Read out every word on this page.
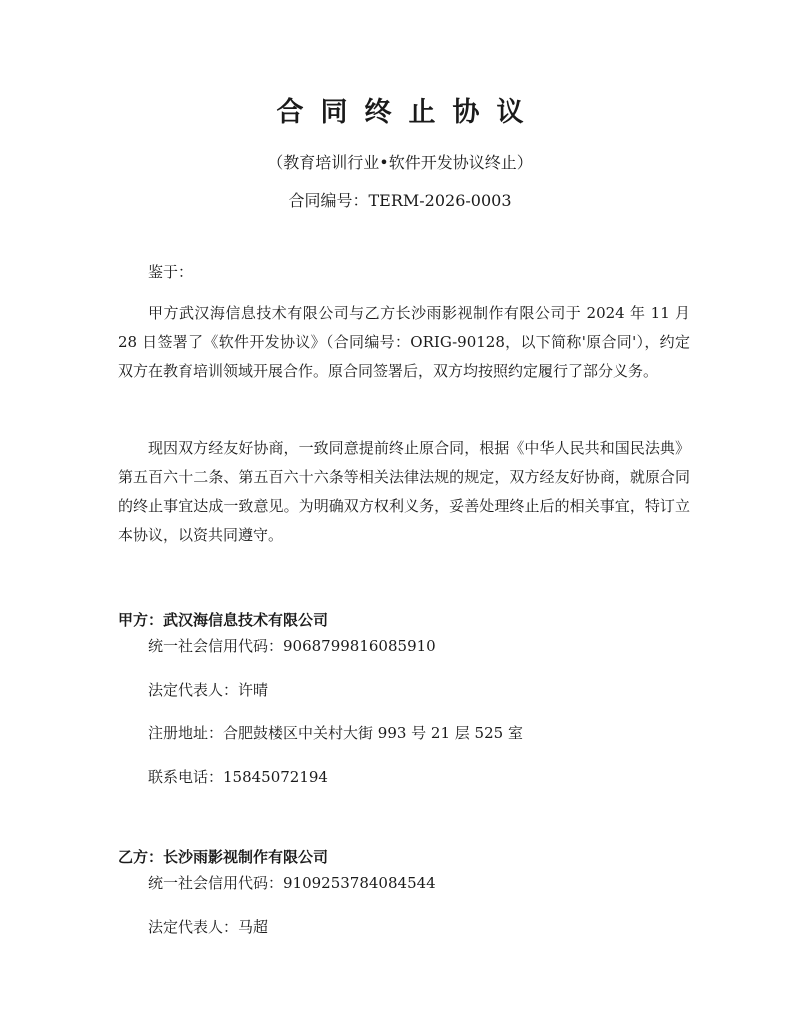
合同终止协议
（教育培训行业•软件开发协议终止）
合同编号：TERM-2026-0003

鉴于：

甲方武汉海信息技术有限公司与乙方长沙雨影视制作有限公司于 2024 年 11 月 28 日签署了《软件开发协议》（合同编号：ORIG-90128，以下简称'原合同'），约定双方在教育培训领域开展合作。原合同签署后，双方均按照约定履行了部分义务。

现因双方经友好协商，一致同意提前终止原合同，根据《中华人民共和国民法典》第五百六十二条、第五百六十六条等相关法律法规的规定，双方经友好协商，就原合同的终止事宜达成一致意见。为明确双方权利义务，妥善处理终止后的相关事宜，特订立本协议，以资共同遵守。

甲方：武汉海信息技术有限公司

统一社会信用代码：9068799816085910

法定代表人：许晴

注册地址：合肥鼓楼区中关村大街 993 号 21 层 525 室

联系电话：15845072194

乙方：长沙雨影视制作有限公司

统一社会信用代码：9109253784084544

法定代表人：马超
